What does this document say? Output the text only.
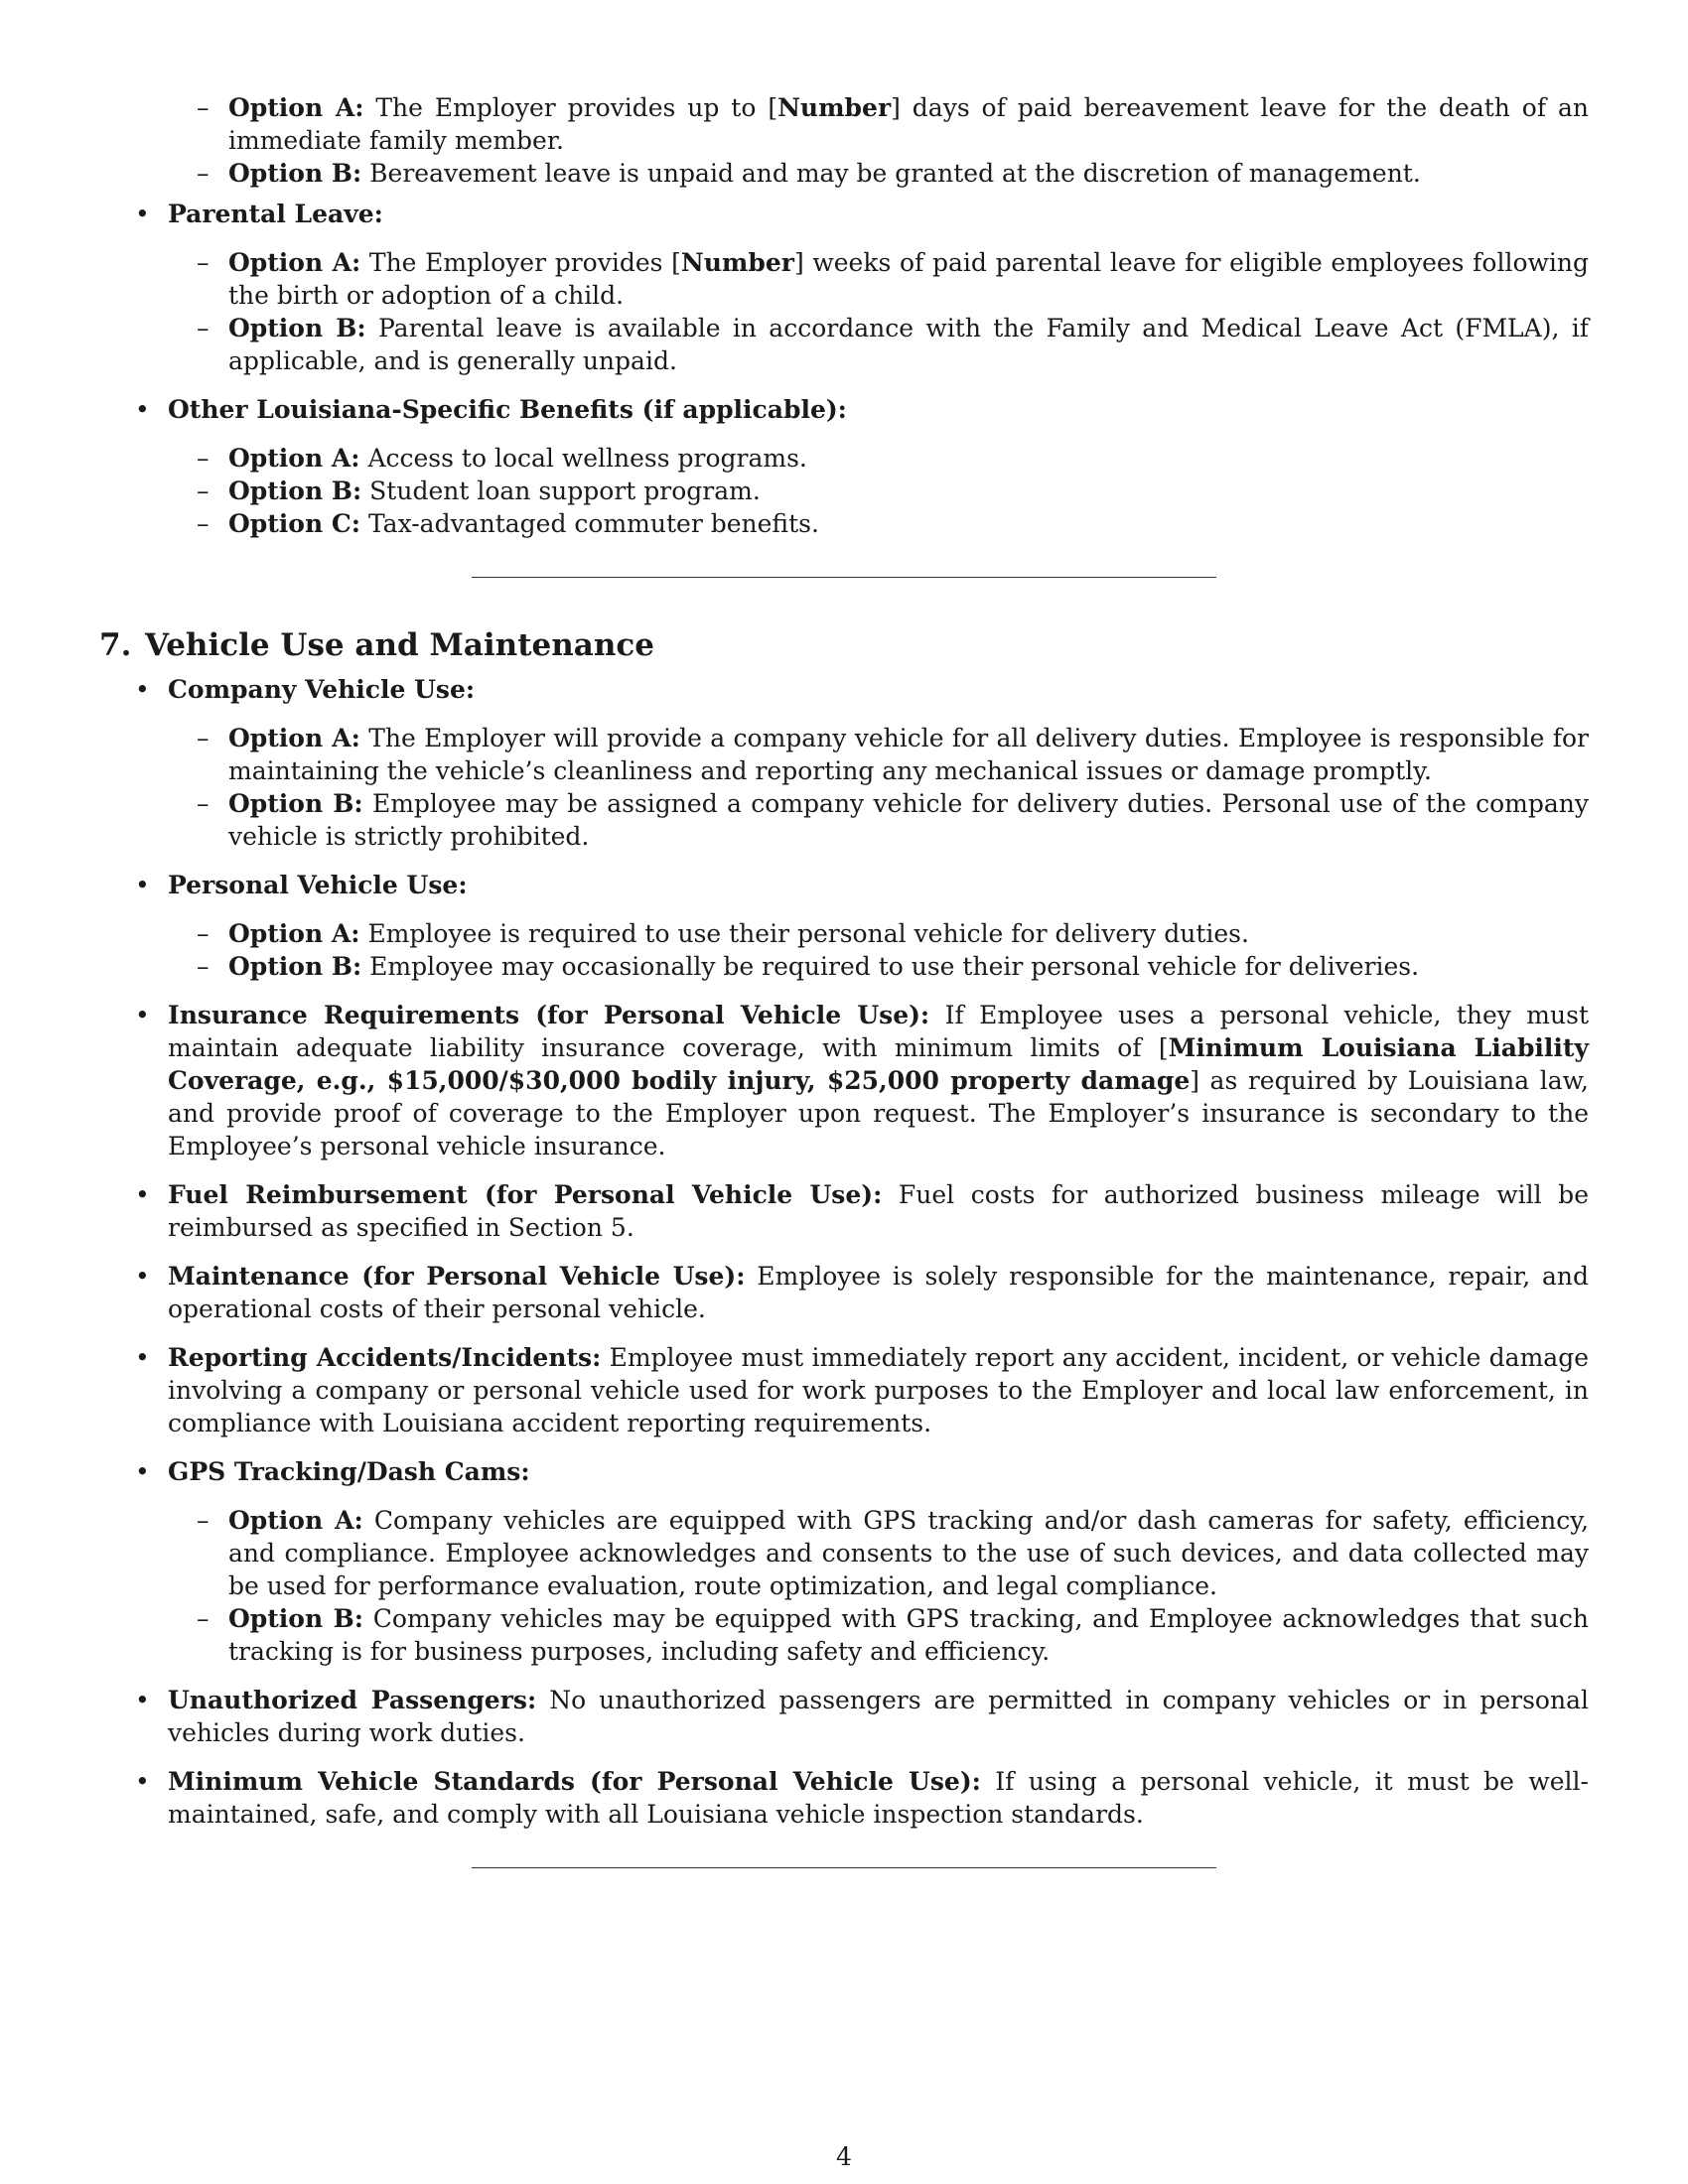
– Option A: The Employer provides up to [Number] days of paid bereavement leave for the death of an immediate family member.
– Option B: Bereavement leave is unpaid and may be granted at the discretion of management.
• Parental Leave:
– Option A: The Employer provides [Number] weeks of paid parental leave for eligible employees following the birth or adoption of a child.
– Option B: Parental leave is available in accordance with the Family and Medical Leave Act (FMLA), if applicable, and is generally unpaid.
• Other Louisiana-Specific Benefits (if applicable):
– Option A: Access to local wellness programs.
– Option B: Student loan support program.
– Option C: Tax-advantaged commuter benefits.
7. Vehicle Use and Maintenance
• Company Vehicle Use:
– Option A: The Employer will provide a company vehicle for all delivery duties. Employee is responsible for maintaining the vehicle’s cleanliness and reporting any mechanical issues or damage promptly.
– Option B: Employee may be assigned a company vehicle for delivery duties. Personal use of the company vehicle is strictly prohibited.
• Personal Vehicle Use:
– Option A: Employee is required to use their personal vehicle for delivery duties.
– Option B: Employee may occasionally be required to use their personal vehicle for deliveries.
• Insurance Requirements (for Personal Vehicle Use): If Employee uses a personal vehicle, they must maintain adequate liability insurance coverage, with minimum limits of [Minimum Louisiana Liability Coverage, e.g., $15,000/$30,000 bodily injury, $25,000 property damage] as required by Louisiana law, and provide proof of coverage to the Employer upon request. The Employer’s insurance is secondary to the Employee’s personal vehicle insurance.
• Fuel Reimbursement (for Personal Vehicle Use): Fuel costs for authorized business mileage will be reimbursed as specified in Section 5.
• Maintenance (for Personal Vehicle Use): Employee is solely responsible for the maintenance, repair, and operational costs of their personal vehicle.
• Reporting Accidents/Incidents: Employee must immediately report any accident, incident, or vehicle damage involving a company or personal vehicle used for work purposes to the Employer and local law enforcement, in compliance with Louisiana accident reporting requirements.
• GPS Tracking/Dash Cams:
– Option A: Company vehicles are equipped with GPS tracking and/or dash cameras for safety, efficiency, and compliance. Employee acknowledges and consents to the use of such devices, and data collected may be used for performance evaluation, route optimization, and legal compliance.
– Option B: Company vehicles may be equipped with GPS tracking, and Employee acknowledges that such tracking is for business purposes, including safety and efficiency.
• Unauthorized Passengers: No unauthorized passengers are permitted in company vehicles or in personal vehicles during work duties.
• Minimum Vehicle Standards (for Personal Vehicle Use): If using a personal vehicle, it must be well-maintained, safe, and comply with all Louisiana vehicle inspection standards.
4
